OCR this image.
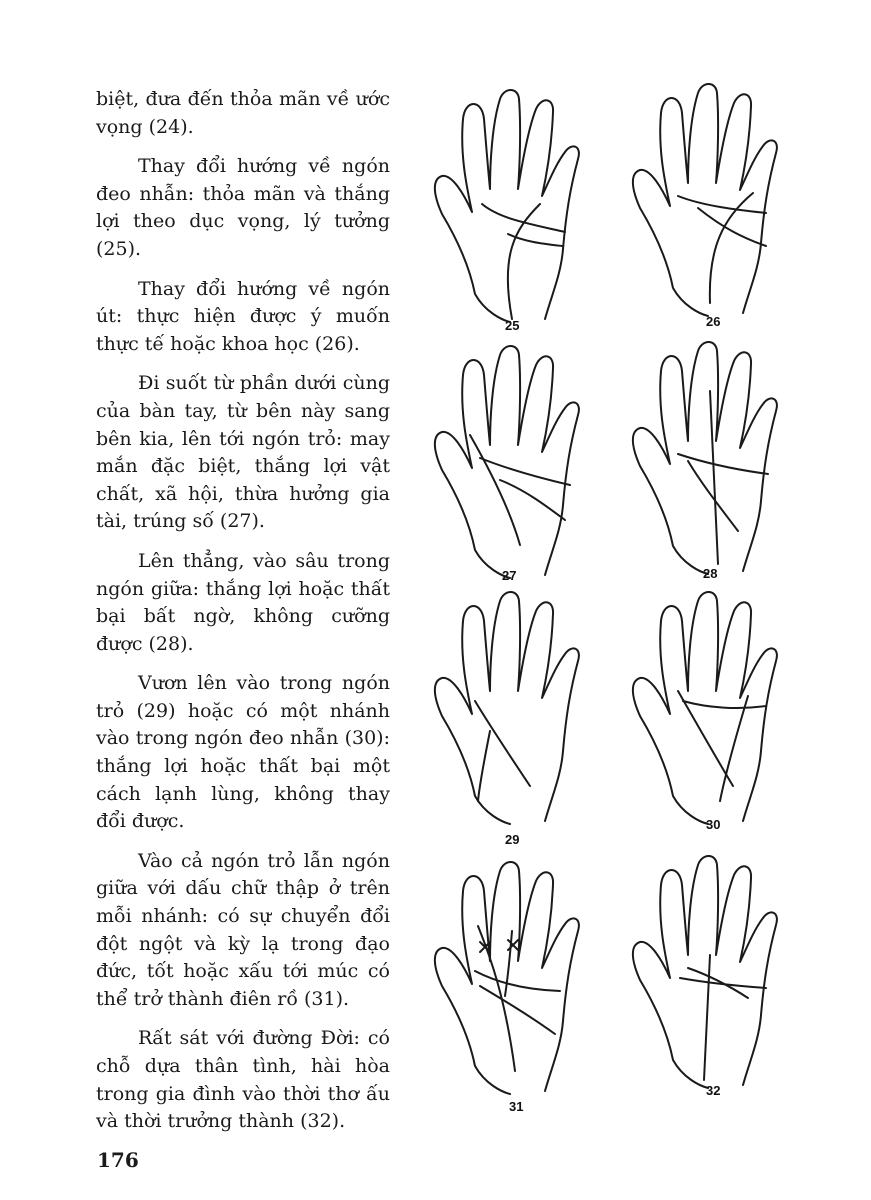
biệt, đưa đến thỏa mãn về ước vọng (24).

Thay đổi hướng về ngón đeo nhẫn: thỏa mãn và thắng lợi theo dục vọng, lý tưởng (25).

Thay đổi hướng về ngón út: thực hiện được ý muốn thực tế hoặc khoa học (26).

Đi suốt từ phần dưới cùng của bàn tay, từ bên này sang bên kia, lên tới ngón trỏ: may mắn đặc biệt, thắng lợi vật chất, xã hội, thừa hưởng gia tài, trúng số (27).

Lên thẳng, vào sâu trong ngón giữa: thắng lợi hoặc thất bại bất ngờ, không cưỡng được (28).

Vươn lên vào trong ngón trỏ (29) hoặc có một nhánh vào trong ngón đeo nhẫn (30): thắng lợi hoặc thất bại một cách lạnh lùng, không thay đổi được.

Vào cả ngón trỏ lẫn ngón giữa với dấu chữ thập ở trên mỗi nhánh: có sự chuyển đổi đột ngột và kỳ lạ trong đạo đức, tốt hoặc xấu tới múc có thể trở thành điên rồ (31).

Rất sát với đường Đời: có chỗ dựa thân tình, hài hòa trong gia đình vào thời thơ ấu và thời trưởng thành (32).

176
25	26
27	28
29
30
31
32
